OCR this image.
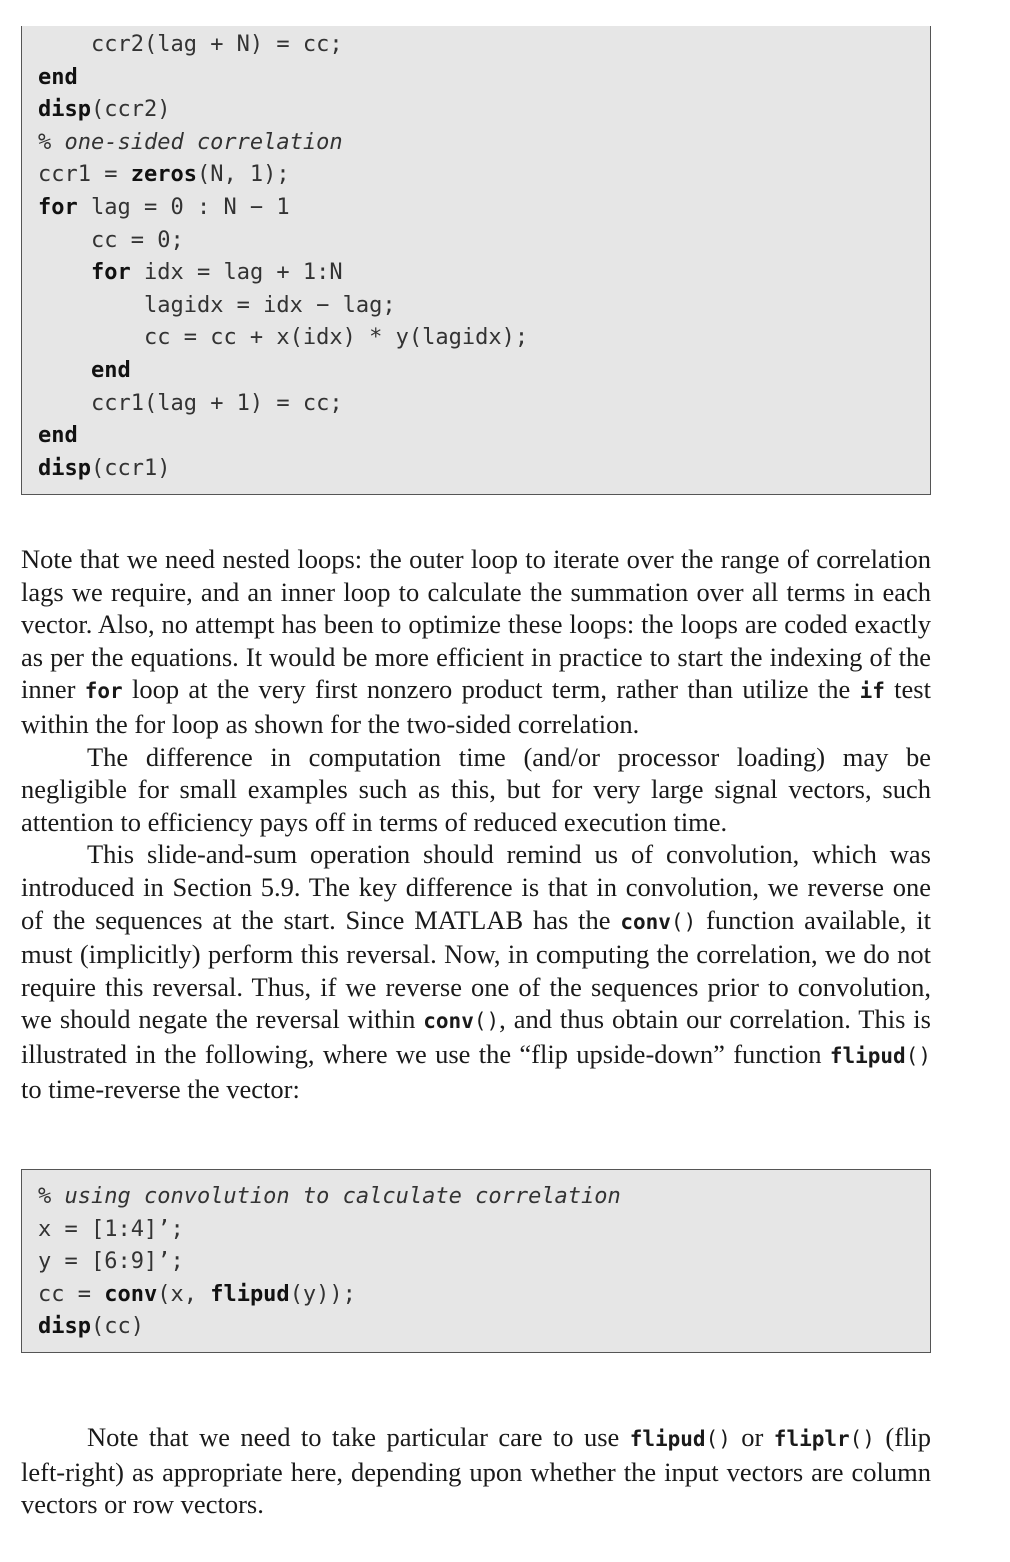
ccr2(lag + N) = cc;
end
disp(ccr2)
% one-sided correlation
ccr1 = zeros(N, 1);
for lag = 0 : N − 1
cc = 0;
for idx = lag + 1:N
lagidx = idx − lag;
cc = cc + x(idx) * y(lagidx);
end
ccr1(lag + 1) = cc;
end
disp(ccr1)

Note that we need nested loops: the outer loop to iterate over the range of correlation lags we require, and an inner loop to calculate the summation over all terms in each vector. Also, no attempt has been to optimize these loops: the loops are coded exactly as per the equations. It would be more efficient in practice to start the indexing of the inner for loop at the very first nonzero product term, rather than utilize the if test within the for loop as shown for the two-sided correlation.

The difference in computation time (and/or processor loading) may be negligible for small examples such as this, but for very large signal vectors, such attention to efficiency pays off in terms of reduced execution time.

This slide-and-sum operation should remind us of convolution, which was introduced in Section 5.9. The key difference is that in convolution, we reverse one of the sequences at the start. Since MATLAB has the conv() function available, it must (implicitly) perform this reversal. Now, in computing the correlation, we do not require this reversal. Thus, if we reverse one of the sequences prior to convolution, we should negate the reversal within conv(), and thus obtain our correlation. This is illustrated in the following, where we use the “flip upside-down” function flipud() to time-reverse the vector:

% using convolution to calculate correlation
x = [1:4]’;
y = [6:9]’;
cc = conv(x, flipud(y));
disp(cc)

Note that we need to take particular care to use flipud() or fliplr() (flip left-right) as appropriate here, depending upon whether the input vectors are column vectors or row vectors.
